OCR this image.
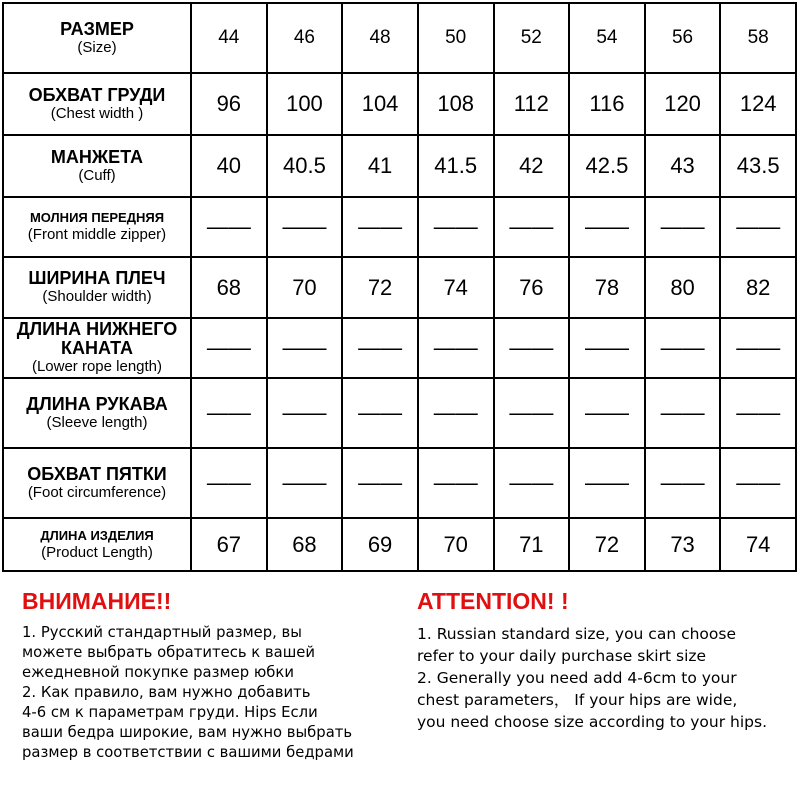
РАЗМЕР
(Size)	44	46	48	50	52	54	56	58

ОБХВАТ ГРУДИ
(Chest width )	96	100	104	108	112	116	120	124

МАНЖЕТА
(Cuff)	40	40.5	41	41.5	42	42.5	43	43.5

МОЛНИЯ ПЕРЕДНЯЯ
(Front middle zipper)	——	——	——	——	——	——	——	——

ШИРИНА ПЛЕЧ
(Shoulder width)	68	70	72	74	76	78	80	82

ДЛИНА НИЖНЕГО КАНАТА
(Lower rope length)	——	——	——	——	——	——	——	——

ДЛИНА РУКАВА
(Sleeve length)	——	——	——	——	——	——	——	——

ОБХВАТ ПЯТКИ
(Foot circumference)	——	——	——	——	——	——	——	——

ДЛИНА ИЗДЕЛИЯ
(Product Length)	67	68	69	70	71	72	73	74
ВНИМАНИЕ!!

1. Русский стандартный размер, вы

можете выбрать обратитесь к вашей

ежедневной покупке размер юбки

2. Как правило, вам нужно добавить

4-6 см к параметрам груди. Hips Если

ваши бедра широкие, вам нужно выбрать

размер в соответствии с вашими бедрами

ATTENTION! !

1. Russian standard size, you can choose

refer to your daily purchase skirt size

2. Generally you need add 4-6cm to your

chest parameters， If your hips are wide,

you need choose size according to your hips.
